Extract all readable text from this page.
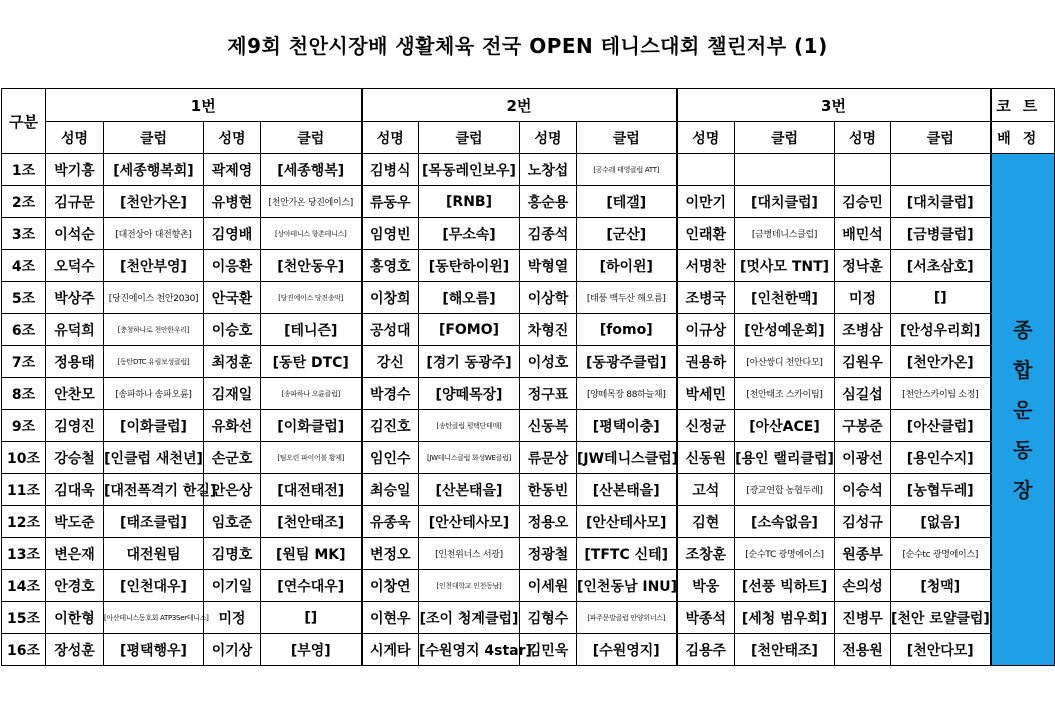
제9회 천안시장배 생활체육 전국 OPEN 테니스대회 챌린저부 (1)
구분	1번				2번				3번				코트
	성명	클럽	성명	클럽	성명	클럽	성명	클럽	성명	클럽	성명	클럽	배정
1조	박기흥	[세종행복회]	곽제영	[세종행복]	김병식	[목동레인보우]	노창섭	[공수레 태영클럽 ATT]					종
합
운
동
장

2조	김규문	[천안가온]	유병현	[천안가온 당진에이스]	류동우	[RNB]	홍순용	[테갤]	이만기	[대치클럽]	김승민	[대치클럽]	
3조	이석순	[대전상아 대전향촌]	김영배	[상아테니스 향촌테니스]	임영빈	[무소속]	김종석	[군산]	인래환	[금병테니스클럽]	배민석	[금병클럽]	
4조	오덕수	[천안부영]	이응환	[천안동우]	홍영호	[동탄하이윈]	박형열	[하이윈]	서명찬	[멋사모 TNT]	정낙훈	[서초삼호]	
5조	박상주	[당진에이스 천안2030]	안국환	[당진에이스 당진송악]	이창희	[해오름]	이상학	[태풍 백두산 해오름]	조병국	[인천한맥]	미정	[]	
6조	유덕희	[충청하나로 천안한우리]	이승호	[테니즌]	공성대	[FOMO]	차형진	[fomo]	이규상	[안성예운회]	조병삼	[안성우리회]	
7조	정용태	[동탄DTC 유림보성클럽]	최정훈	[동탄 DTC]	강신	[경기 동광주]	이성호	[동광주클럽]	권용하	[아산쌍디 천안다모]	김원우	[천안가온]	
8조	안찬모	[송파하나 송파오륜]	김재일	[송파하나 오륜클럽]	박경수	[양떼목장]	정구표	[양떼목장 88하늘채]	박세민	[천안태조 스카이팀]	심길섭	[천안스카이팀 소정]	
9조	김영진	[이화클럽]	유화선	[이화클럽]	김진호	[송탄클럽 평택단테매]	신동복	[평택이충]	신정균	[아산ACE]	구봉준	[아산클럽]	
10조	강승철	[인클럽 새천년]	손군호	[팀오린 파이어볼 황제]	임인수	[JW테니스클럽 화성WE클럽]	류문상	[JW테니스클럽]	신동원	[용인 랠리클럽]	이광선	[용인수지]	
11조	김대욱	[대전폭격기 한길]	안은상	[대전태전]	최승일	[산본태을]	한동빈	[산본태을]	고석	[광교연합 농협두레]	이승석	[농협두레]	
12조	박도준	[태조클럽]	임호준	[천안태조]	유종욱	[안산테사모]	정용오	[안산테사모]	김현	[소속없음]	김성규	[없음]	
13조	변은재	대전원팀	김명호	[원팀 MK]	변정오	[인천위너스 서광]	정광철	[TFTC 신테]	조창훈	[순수TC 광명에이스]	원종부	[순수tc 광명에이스]	
14조	안경호	[인천대우]	이기일	[연수대우]	이창연	[인천대학교 인천동남]	이세원	[인천동남 INU]	박웅	[선풍 빅하트]	손의성	[청맥]	
15조	이한형	[아산테니스동호회 ATP3Ser테니스]	미정	[]	이현우	[조이 청계클럽]	김형수	[파주문발클럽 안양위너스]	박종석	[세청 범우회]	진병무	[천안 로얄클럽]	
16조	장성훈	[평택행우]	이기상	[부영]	시게타	[수원영지 4star]	김민욱	[수원영지]	김용주	[천안태조]	전용원	[천안다모]	
